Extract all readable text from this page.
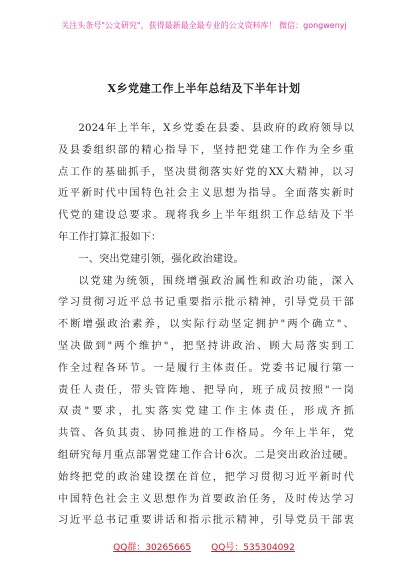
关注头条号"公文研究"，获得最新最全最专业的公文资料库！ 微信：gongwenyj
X乡党建工作上半年总结及下半年计划
2024年上半年，X乡党委在县委、县政府的政府领导以
及县委组织部的精心指导下，坚持把党建工作作为全乡重
点工作的基础抓手，坚决贯彻落实好党的XX大精神，以习
近平新时代中国特色社会主义思想为指导。全面落实新时
代党的建设总要求。现将我乡上半年组织工作总结及下半
年工作打算汇报如下：
一、突出党建引领，强化政治建设。
以党建为统领，围绕增强政治属性和政治功能，深入
学习贯彻习近平总书记重要指示批示精神，引导党员干部
不断增强政治素养，以实际行动坚定拥护"两个确立"、
坚决做到"两个维护"，把坚持讲政治、顾大局落实到工
作全过程各环节。一是履行主体责任。党委书记履行第一
责任人责任，带头管阵地、把导向，班子成员按照"一岗
双责"要求，扎实落实党建工作主体责任，形成齐抓
共管、各负其责、协同推进的工作格局。今年上半年，党
组研究每月重点部署党建工作合计6次。二是突出政治过硬。
始终把党的政治建设摆在首位，把学习贯彻习近平新时代
中国特色社会主义思想作为首要政治任务，及时传达学习
习近平总书记重要讲话和指示批示精神，引导党员干部衷
QQ群：30265665 QQ号：535304092
